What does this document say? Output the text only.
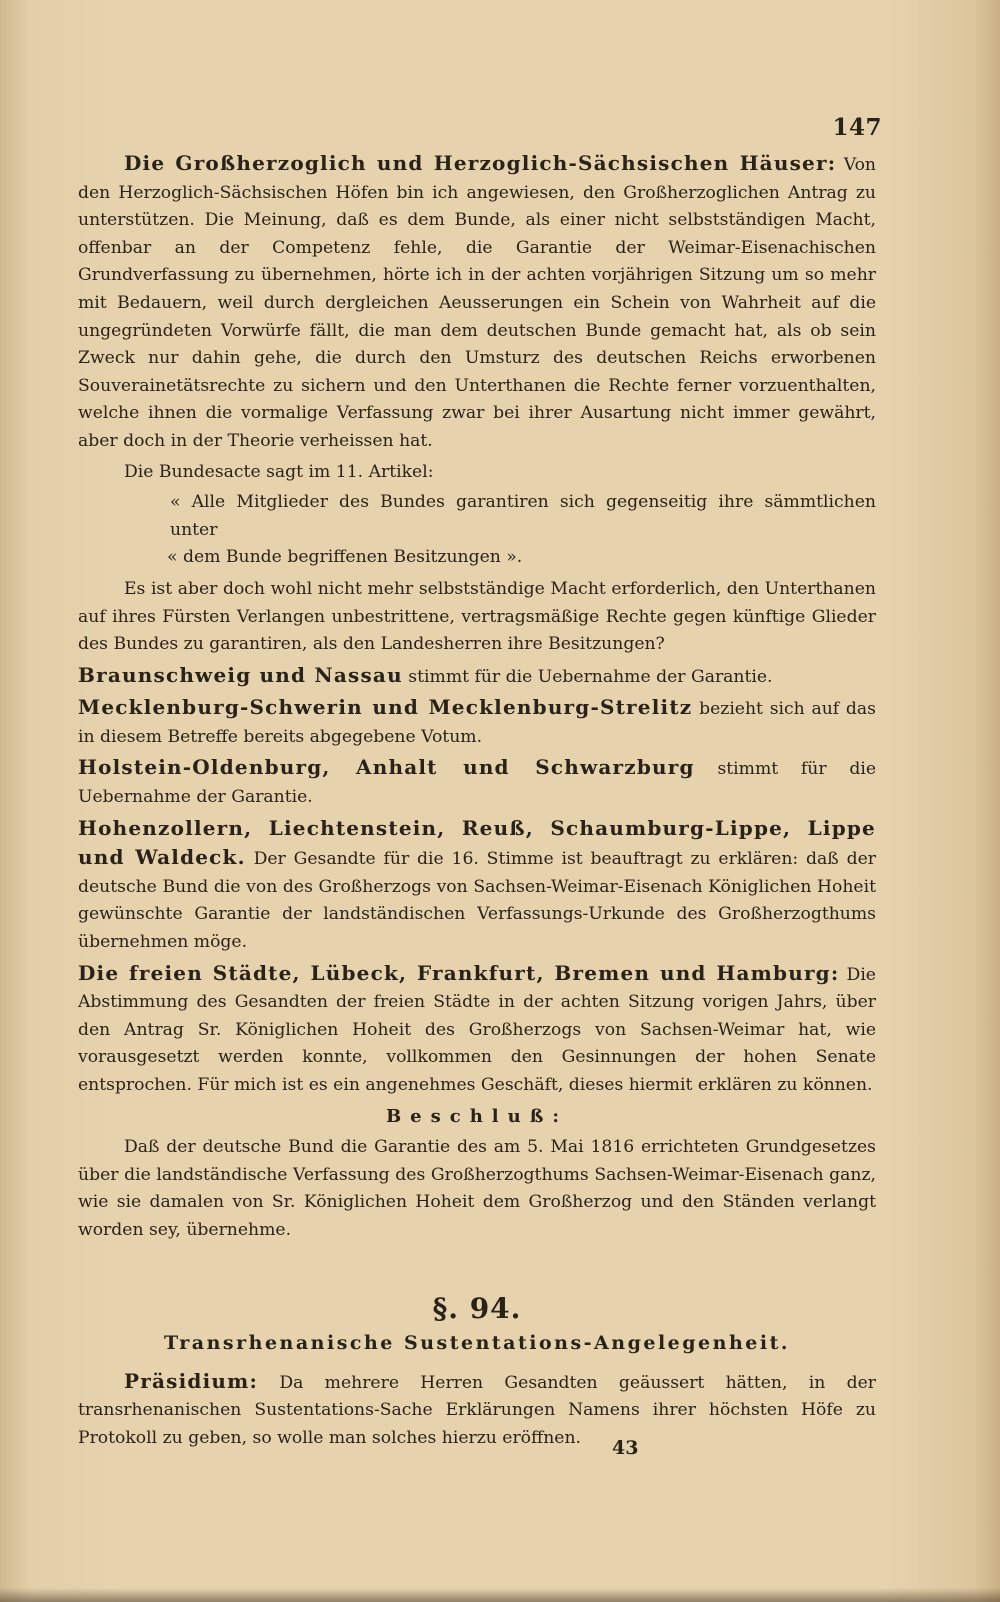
147

Die Großherzoglich und Herzoglich-Sächsischen Häuser: Von den Herzoglich-Sächsischen Höfen bin ich angewiesen, den Großherzoglichen Antrag zu unterstützen. Die Meinung, daß es dem Bunde, als einer nicht selbstständigen Macht, offenbar an der Competenz fehle, die Garantie der Weimar-Eisenachischen Grundverfassung zu übernehmen, hörte ich in der achten vorjährigen Sitzung um so mehr mit Bedauern, weil durch dergleichen Aeusserungen ein Schein von Wahrheit auf die ungegründeten Vorwürfe fällt, die man dem deutschen Bunde gemacht hat, als ob sein Zweck nur dahin gehe, die durch den Umsturz des deutschen Reichs erworbenen Souverainetätsrechte zu sichern und den Unterthanen die Rechte ferner vorzuenthalten, welche ihnen die vormalige Verfassung zwar bei ihrer Ausartung nicht immer gewährt, aber doch in der Theorie verheissen hat.

Die Bundesacte sagt im 11. Artikel:

« Alle Mitglieder des Bundes garantiren sich gegenseitig ihre sämmtlichen unter
« dem Bunde begriffenen Besitzungen ».

Es ist aber doch wohl nicht mehr selbstständige Macht erforderlich, den Unterthanen auf ihres Fürsten Verlangen unbestrittene, vertragsmäßige Rechte gegen künftige Glieder des Bundes zu garantiren, als den Landesherren ihre Besitzungen?

Braunschweig und Nassau stimmt für die Uebernahme der Garantie.

Mecklenburg-Schwerin und Mecklenburg-Strelitz bezieht sich auf das in diesem Betreffe bereits abgegebene Votum.

Holstein-Oldenburg, Anhalt und Schwarzburg stimmt für die Uebernahme der Garantie.

Hohenzollern, Liechtenstein, Reuß, Schaumburg-Lippe, Lippe und Waldeck. Der Gesandte für die 16. Stimme ist beauftragt zu erklären: daß der deutsche Bund die von des Großherzogs von Sachsen-Weimar-Eisenach Königlichen Hoheit gewünschte Garantie der landständischen Verfassungs-Urkunde des Großherzogthums übernehmen möge.

Die freien Städte, Lübeck, Frankfurt, Bremen und Hamburg: Die Abstimmung des Gesandten der freien Städte in der achten Sitzung vorigen Jahrs, über den Antrag Sr. Königlichen Hoheit des Großherzogs von Sachsen-Weimar hat, wie vorausgesetzt werden konnte, vollkommen den Gesinnungen der hohen Senate entsprochen. Für mich ist es ein angenehmes Geschäft, dieses hiermit erklären zu können.

Beschluß:

Daß der deutsche Bund die Garantie des am 5. Mai 1816 errichteten Grundgesetzes über die landständische Verfassung des Großherzogthums Sachsen-Weimar-Eisenach ganz, wie sie damalen von Sr. Königlichen Hoheit dem Großherzog und den Ständen verlangt worden sey, übernehme.

§. 94.
Transrhenanische Sustentations-Angelegenheit.

Präsidium: Da mehrere Herren Gesandten geäussert hätten, in der transrhenanischen Sustentations-Sache Erklärungen Namens ihrer höchsten Höfe zu Protokoll zu geben, so wolle man solches hierzu eröffnen.	43
